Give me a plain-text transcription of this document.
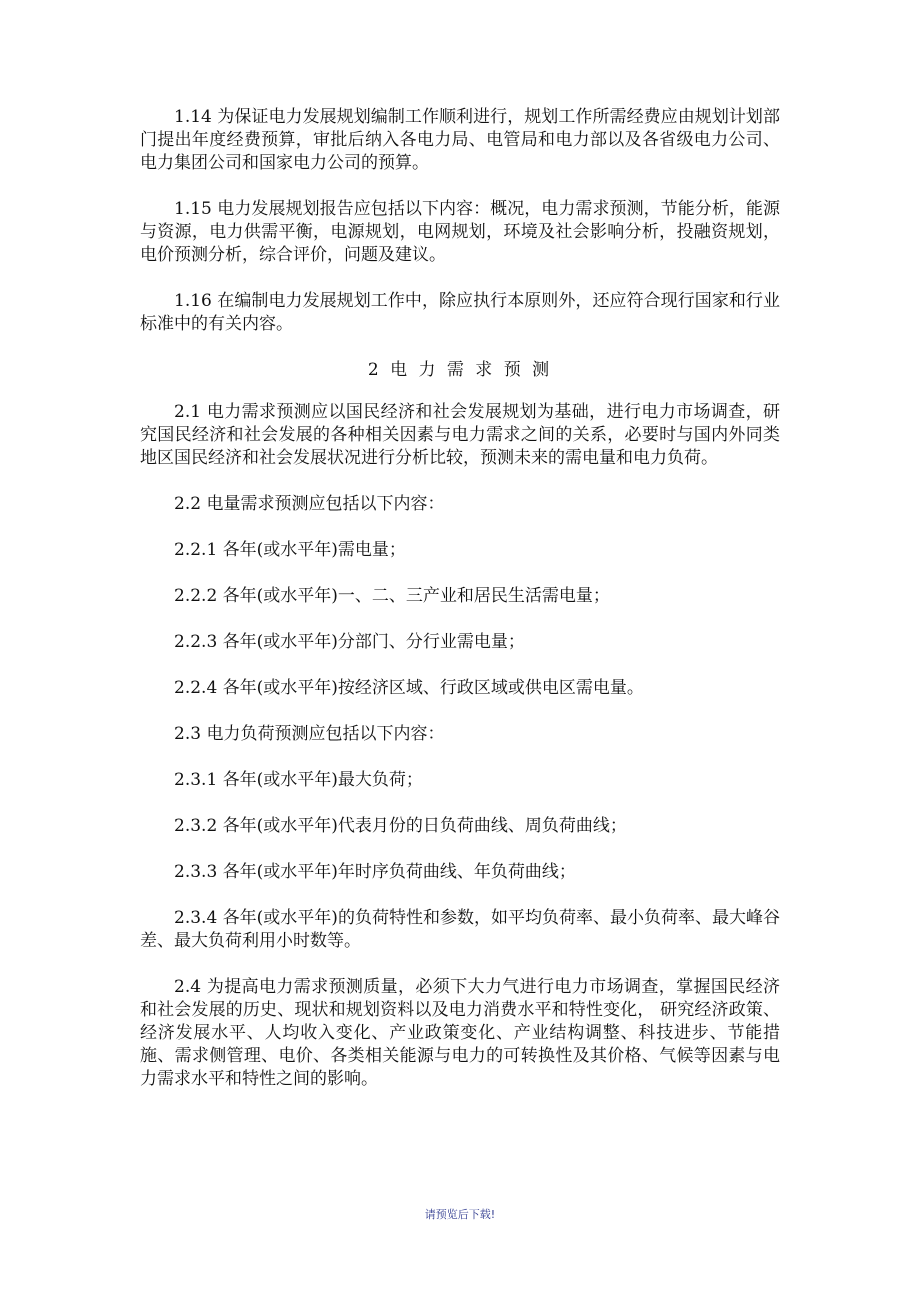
1.14 为保证电力发展规划编制工作顺利进行，规划工作所需经费应由规划计划部门提出年度经费预算，审批后纳入各电力局、电管局和电力部以及各省级电力公司、电力集团公司和国家电力公司的预算。

1.15 电力发展规划报告应包括以下内容：概况，电力需求预测，节能分析，能源与资源，电力供需平衡，电源规划，电网规划，环境及社会影响分析，投融资规划，电价预测分析，综合评价，问题及建议。

1.16 在编制电力发展规划工作中，除应执行本原则外，还应符合现行国家和行业标准中的有关内容。

2 电 力 需 求 预 测

2.1 电力需求预测应以国民经济和社会发展规划为基础，进行电力市场调查，研究国民经济和社会发展的各种相关因素与电力需求之间的关系，必要时与国内外同类地区国民经济和社会发展状况进行分析比较，预测未来的需电量和电力负荷。

2.2 电量需求预测应包括以下内容：

2.2.1 各年(或水平年)需电量；

2.2.2 各年(或水平年)一、二、三产业和居民生活需电量；

2.2.3 各年(或水平年)分部门、分行业需电量；

2.2.4 各年(或水平年)按经济区域、行政区域或供电区需电量。

2.3 电力负荷预测应包括以下内容：

2.3.1 各年(或水平年)最大负荷；

2.3.2 各年(或水平年)代表月份的日负荷曲线、周负荷曲线；

2.3.3 各年(或水平年)年时序负荷曲线、年负荷曲线；

2.3.4 各年(或水平年)的负荷特性和参数，如平均负荷率、最小负荷率、最大峰谷差、最大负荷利用小时数等。

2.4 为提高电力需求预测质量，必须下大力气进行电力市场调查，掌握国民经济和社会发展的历史、现状和规划资料以及电力消费水平和特性变化， 研究经济政策、经济发展水平、人均收入变化、产业政策变化、产业结构调整、科技进步、节能措施、需求侧管理、电价、各类相关能源与电力的可转换性及其价格、气候等因素与电力需求水平和特性之间的影响。

请预览后下载!
